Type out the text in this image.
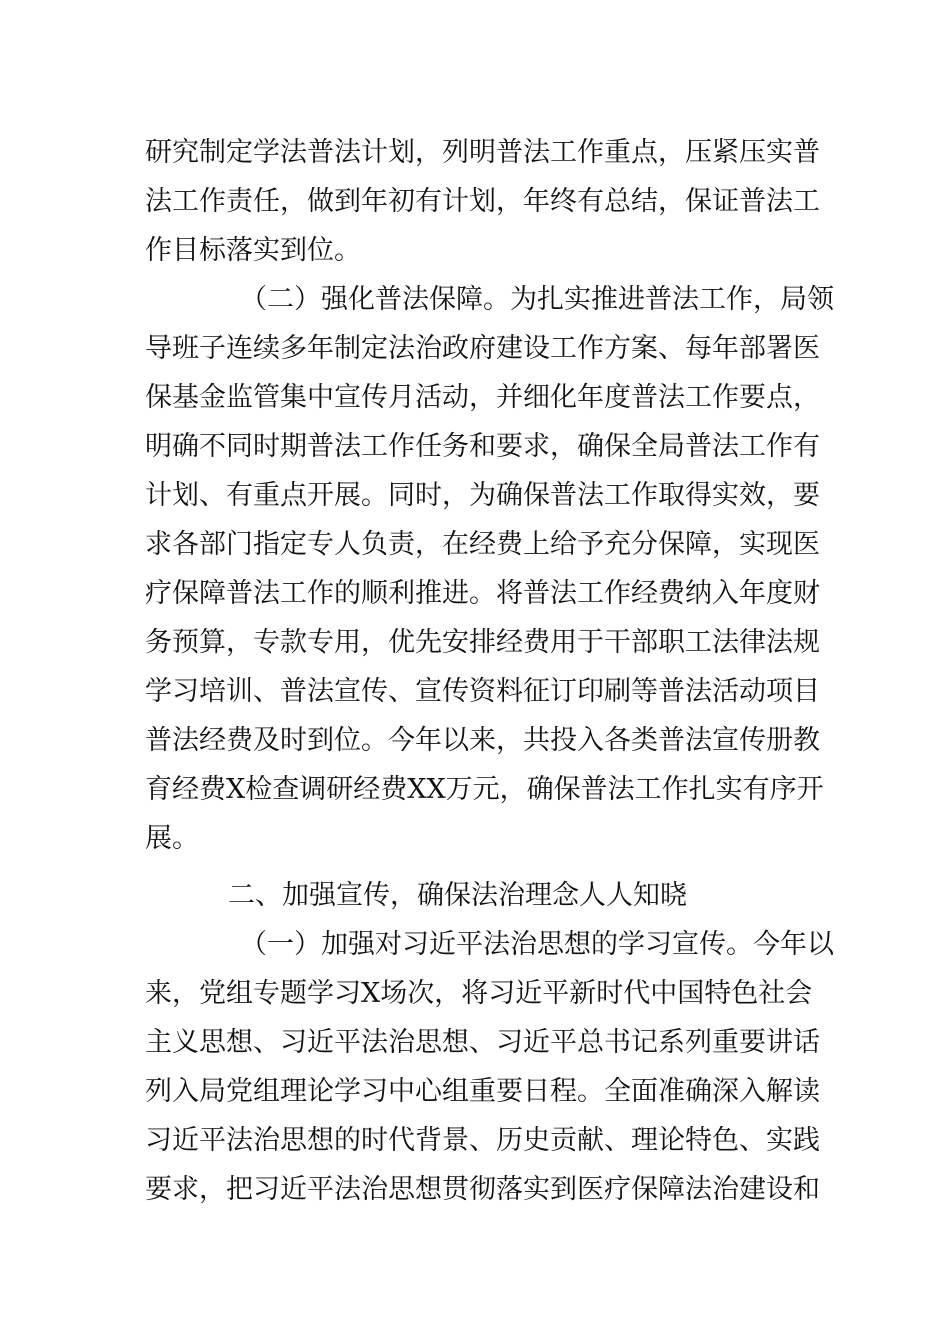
研究制定学法普法计划，列明普法工作重点，压紧压实普
法工作责任，做到年初有计划，年终有总结，保证普法工
作目标落实到位。
（二）强化普法保障。为扎实推进普法工作，局领
导班子连续多年制定法治政府建设工作方案、每年部署医
保基金监管集中宣传月活动，并细化年度普法工作要点，
明确不同时期普法工作任务和要求，确保全局普法工作有
计划、有重点开展。同时，为确保普法工作取得实效，要
求各部门指定专人负责，在经费上给予充分保障，实现医
疗保障普法工作的顺利推进。将普法工作经费纳入年度财
务预算，专款专用，优先安排经费用于干部职工法律法规
学习培训、普法宣传、宣传资料征订印刷等普法活动项目
普法经费及时到位。今年以来，共投入各类普法宣传册教
育经费X检查调研经费XX万元，确保普法工作扎实有序开
展。
二、加强宣传，确保法治理念人人知晓
（一）加强对习近平法治思想的学习宣传。今年以
来，党组专题学习X场次，将习近平新时代中国特色社会
主义思想、习近平法治思想、习近平总书记系列重要讲话
列入局党组理论学习中心组重要日程。全面准确深入解读
习近平法治思想的时代背景、历史贡献、理论特色、实践
要求，把习近平法治思想贯彻落实到医疗保障法治建设和
